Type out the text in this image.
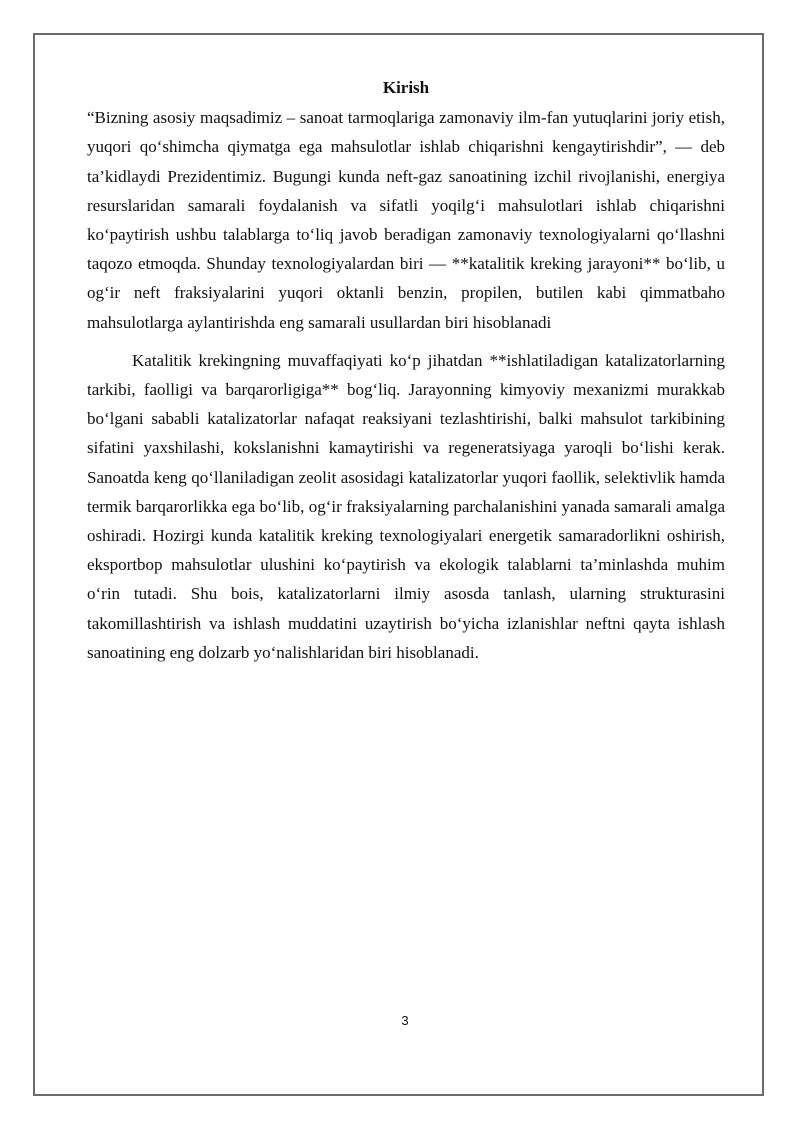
Kirish

“Bizning asosiy maqsadimiz – sanoat tarmoqlariga zamonaviy ilm-fan yutuqlarini joriy etish, yuqori qo‘shimcha qiymatga ega mahsulotlar ishlab chiqarishni kengaytirishdir”, — deb ta’kidlaydi Prezidentimiz. Bugungi kunda neft-gaz sanoatining izchil rivojlanishi, energiya resurslaridan samarali foydalanish va sifatli yoqilg‘i mahsulotlari ishlab chiqarishni ko‘paytirish ushbu talablarga to‘liq javob beradigan zamonaviy texnologiyalarni qo‘llashni taqozo etmoqda. Shunday texnologiyalardan biri — **katalitik kreking jarayoni** bo‘lib, u og‘ir neft fraksiyalarini yuqori oktanli benzin, propilen, butilen kabi qimmatbaho mahsulotlarga aylantirishda eng samarali usullardan biri hisoblanadi

Katalitik krekingning muvaffaqiyati ko‘p jihatdan **ishlatiladigan katalizatorlarning tarkibi, faolligi va barqarorligiga** bog‘liq. Jarayonning kimyoviy mexanizmi murakkab bo‘lgani sababli katalizatorlar nafaqat reaksiyani tezlashtirishi, balki mahsulot tarkibining sifatini yaxshilashi, kokslanishni kamaytirishi va regeneratsiyaga yaroqli bo‘lishi kerak. Sanoatda keng qo‘llaniladigan zeolit asosidagi katalizatorlar yuqori faollik, selektivlik hamda termik barqarorlikka ega bo‘lib, og‘ir fraksiyalarning parchalanishini yanada samarali amalga oshiradi. Hozirgi kunda katalitik kreking texnologiyalari energetik samaradorlikni oshirish, eksportbop mahsulotlar ulushini ko‘paytirish va ekologik talablarni ta’minlashda muhim o‘rin tutadi. Shu bois, katalizatorlarni ilmiy asosda tanlash, ularning strukturasini takomillashtirish va ishlash muddatini uzaytirish bo‘yicha izlanishlar neftni qayta ishlash sanoatining eng dolzarb yo‘nalishlaridan biri hisoblanadi.

3
